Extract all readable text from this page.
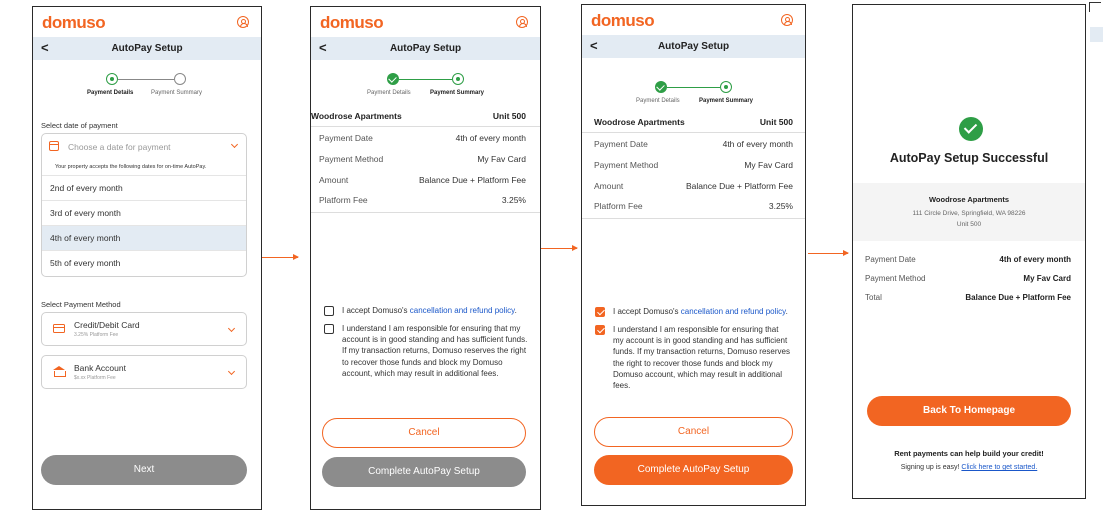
domuso
<	AutoPay Setup
Payment Details	Payment Summary
Select date of payment
Choose a date for payment
Your property accepts the following dates for on-time AutoPay.
2nd of every month
3rd of every month
4th of every month
5th of every month
Select Payment Method
Credit/Debit Card
3.25% Platform Fee
Bank Account
$x.xx Platform Fee
Next
domuso
<	AutoPay Setup
Payment Details	Payment Summary
Woodrose Apartments	Unit 500
Payment Date	4th of every month
Payment Method	My Fav Card
Amount	Balance Due + Platform Fee
Platform Fee	3.25%
I accept Domuso's cancellation and refund policy.
I understand I am responsible for ensuring that my account is in good standing and has sufficient funds. If my transaction returns, Domuso reserves the right to recover those funds and block my Domuso account, which may result in additional fees.
Cancel
Complete AutoPay Setup
domuso
<	AutoPay Setup
Payment Details	Payment Summary
Woodrose Apartments	Unit 500
Payment Date	4th of every month
Payment Method	My Fav Card
Amount	Balance Due + Platform Fee
Platform Fee	3.25%
I accept Domuso's cancellation and refund policy.
I understand I am responsible for ensuring that my account is in good standing and has sufficient funds. If my transaction returns, Domuso reserves the right to recover those funds and block my Domuso account, which may result in additional fees.
Cancel
Complete AutoPay Setup
AutoPay Setup Successful
Woodrose Apartments
111 Circle Drive, Springfield, WA 98226
Unit 500
Payment Date	4th of every month
Payment Method	My Fav Card
Total	Balance Due + Platform Fee
Back To Homepage
Rent payments can help build your credit!
Signing up is easy! Click here to get started.
